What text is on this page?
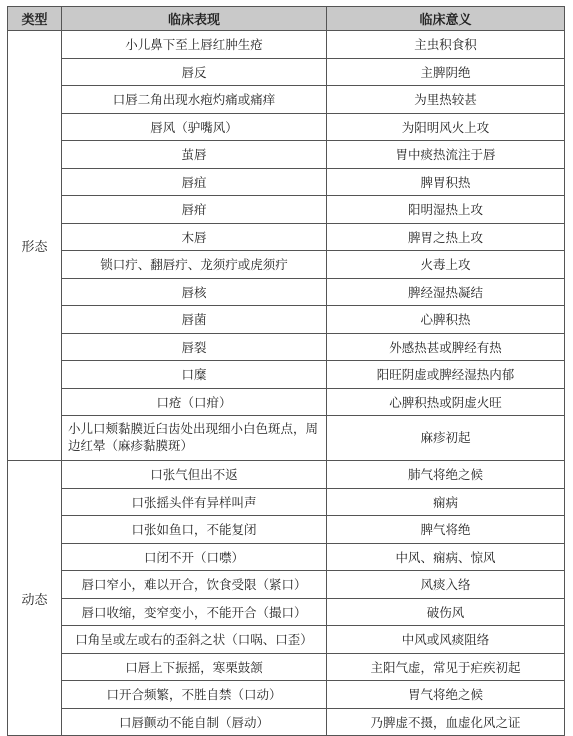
类型	临床表现	临床意义
形态	小儿鼻下至上唇红肿生疮	主虫积食积
	唇反	主脾阴绝
	口唇二角出现水疱灼痛或痛痒	为里热较甚
	唇风（驴嘴风）	为阳明风火上攻
	茧唇	胃中痰热流注于唇
	唇疽	脾胃积热
	唇疳	阳明湿热上攻
	木唇	脾胃之热上攻
	锁口疔、翻唇疔、龙须疔或虎须疔	火毒上攻
	唇核	脾经湿热凝结
	唇菌	心脾积热
	唇裂	外感热甚或脾经有热
	口糜	阳旺阴虚或脾经湿热内郁
	口疮（口疳）	心脾积热或阴虚火旺
	小儿口颊黏膜近臼齿处出现细小白色斑点，周边红晕（麻疹黏膜斑）	麻疹初起
动态	口张气但出不返	肺气将绝之候
	口张摇头伴有异样叫声	痫病
	口张如鱼口，不能复闭	脾气将绝
	口闭不开（口噤）	中风、痫病、惊风
	唇口窄小，难以开合，饮食受限（紧口）	风痰入络
	唇口收缩，变窄变小，不能开合（撮口）	破伤风
	口角呈或左或右的歪斜之状（口㖞、口歪）	中风或风痰阻络
	口唇上下振摇，寒栗鼓颔	主阳气虚，常见于疟疾初起
	口开合频繁，不胜自禁（口动）	胃气将绝之候
	口唇颤动不能自制（唇动）	乃脾虚不摄，血虚化风之证
